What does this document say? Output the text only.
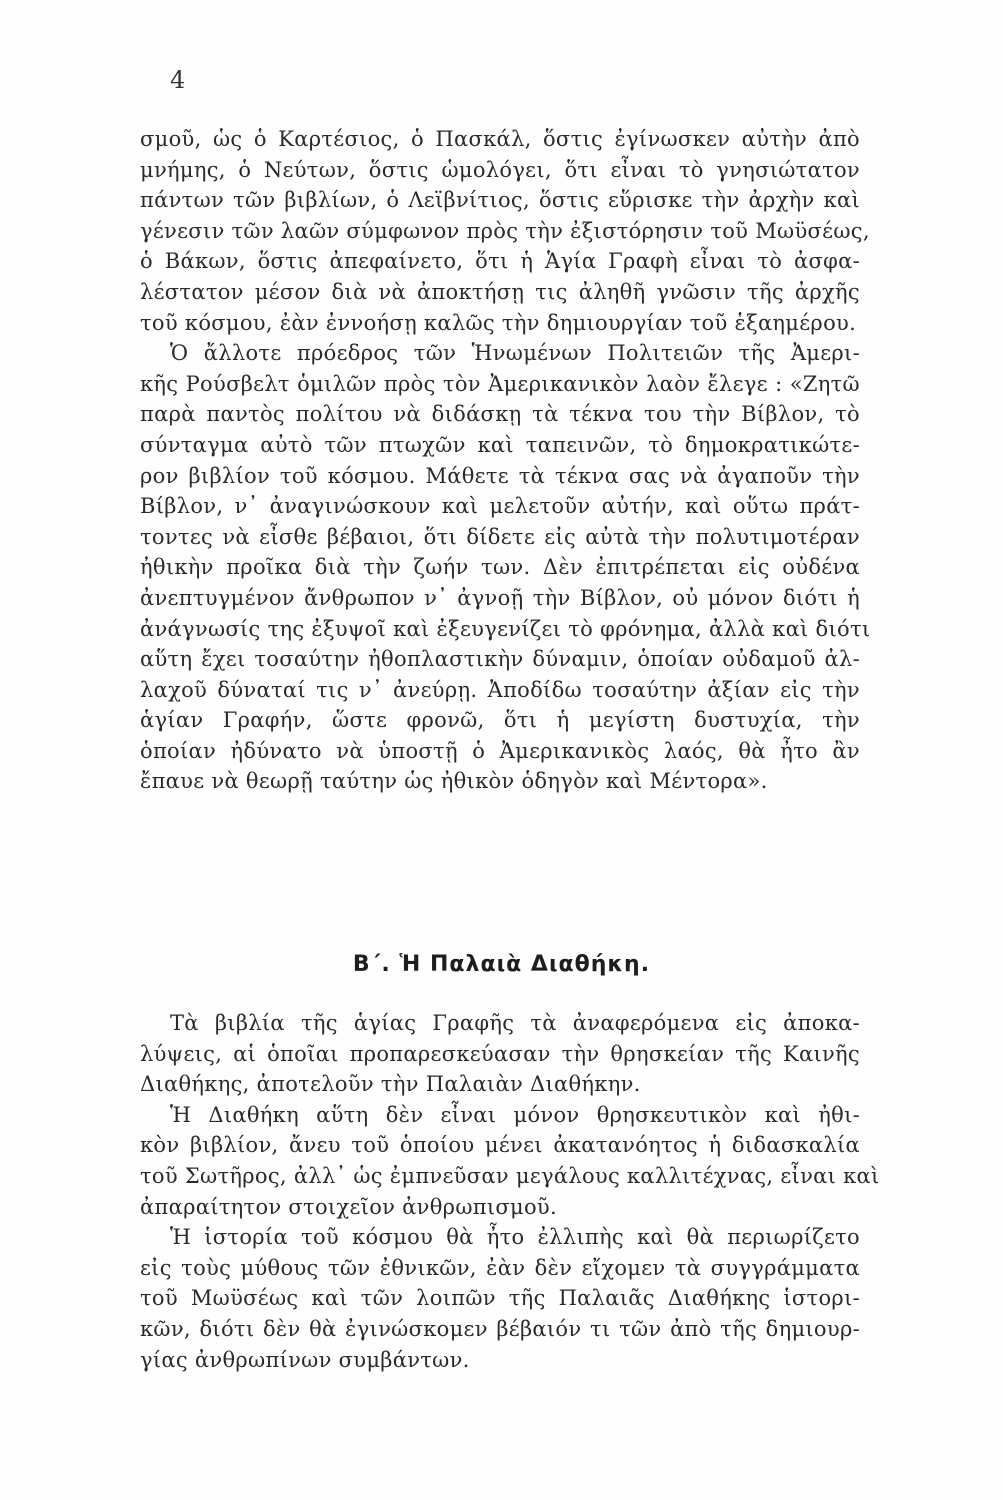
4
σμοῦ, ὡς ὁ Καρτέσιος, ὁ Πασκάλ, ὅστις ἐγίνωσκεν αὐτὴν ἀπὸ
μνήμης, ὁ Νεύτων, ὅστις ὡμολόγει, ὅτι εἶναι τὸ γνησιώτατον
πάντων τῶν βιβλίων, ὁ Λεϊβνίτιος, ὅστις εὕρισκε τὴν ἀρχὴν καὶ
γένεσιν τῶν λαῶν σύμφωνον πρὸς τὴν ἐξιστόρησιν τοῦ Μωϋσέως,
ὁ Βάκων, ὅστις ἀπεφαίνετο, ὅτι ἡ Ἁγία Γραφὴ εἶναι τὸ ἀσφα-
λέστατον μέσον διὰ νὰ ἀποκτήσῃ τις ἀληθῆ γνῶσιν τῆς ἀρχῆς
τοῦ κόσμου, ἐὰν ἐννοήσῃ καλῶς τὴν δημιουργίαν τοῦ ἑξαημέρου.
Ὁ ἄλλοτε πρόεδρος τῶν Ἡνωμένων Πολιτειῶν τῆς Ἀμερι-
κῆς Ρούσβελτ ὁμιλῶν πρὸς τὸν Ἀμερικανικὸν λαὸν ἔλεγε : «Ζητῶ
παρὰ παντὸς πολίτου νὰ διδάσκῃ τὰ τέκνα του τὴν Βίβλον, τὸ
σύνταγμα αὐτὸ τῶν πτωχῶν καὶ ταπεινῶν, τὸ δημοκρατικώτε-
ρον βιβλίον τοῦ κόσμου. Μάθετε τὰ τέκνα σας νὰ ἀγαποῦν τὴν
Βίβλον, ν᾽ ἀναγινώσκουν καὶ μελετοῦν αὐτήν, καὶ οὕτω πράτ-
τοντες νὰ εἶσθε βέβαιοι, ὅτι δίδετε εἰς αὐτὰ τὴν πολυτιμοτέραν
ἠθικὴν προῖκα διὰ τὴν ζωήν των. Δὲν ἐπιτρέπεται εἰς οὐδένα
ἀνεπτυγμένον ἄνθρωπον ν᾽ ἀγνοῇ τὴν Βίβλον, οὐ μόνον διότι ἡ
ἀνάγνωσίς της ἐξυψοῖ καὶ ἐξευγενίζει τὸ φρόνημα, ἀλλὰ καὶ διότι
αὕτη ἔχει τοσαύτην ἠθοπλαστικὴν δύναμιν, ὁποίαν οὐδαμοῦ ἀλ-
λαχοῦ δύναταί τις ν᾽ ἀνεύρῃ. Ἀποδίδω τοσαύτην ἀξίαν εἰς τὴν
ἁγίαν Γραφήν, ὥστε φρονῶ, ὅτι ἡ μεγίστη δυστυχία, τὴν
ὁποίαν ἠδύνατο νὰ ὑποστῇ ὁ Ἀμερικανικὸς λαός, θὰ ἦτο ἂν
ἔπαυε νὰ θεωρῇ ταύτην ὡς ἠθικὸν ὁδηγὸν καὶ Μέντορα».
Β΄. Ἡ Παλαιὰ Διαθήκη.
Τὰ βιβλία τῆς ἁγίας Γραφῆς τὰ ἀναφερόμενα εἰς ἀποκα-
λύψεις, αἱ ὁποῖαι προπαρεσκεύασαν τὴν θρησκείαν τῆς Καινῆς
Διαθήκης, ἀποτελοῦν τὴν Παλαιὰν Διαθήκην.
Ἡ Διαθήκη αὕτη δὲν εἶναι μόνον θρησκευτικὸν καὶ ἠθι-
κὸν βιβλίον, ἄνευ τοῦ ὁποίου μένει ἀκατανόητος ἡ διδασκαλία
τοῦ Σωτῆρος, ἀλλ᾽ ὡς ἐμπνεῦσαν μεγάλους καλλιτέχνας, εἶναι καὶ
ἀπαραίτητον στοιχεῖον ἀνθρωπισμοῦ.
Ἡ ἱστορία τοῦ κόσμου θὰ ἦτο ἐλλιπὴς καὶ θὰ περιωρίζετο
εἰς τοὺς μύθους τῶν ἐθνικῶν, ἐὰν δὲν εἴχομεν τὰ συγγράμματα
τοῦ Μωϋσέως καὶ τῶν λοιπῶν τῆς Παλαιᾶς Διαθήκης ἱστορι-
κῶν, διότι δὲν θὰ ἐγινώσκομεν βέβαιόν τι τῶν ἀπὸ τῆς δημιουρ-
γίας ἀνθρωπίνων συμβάντων.
